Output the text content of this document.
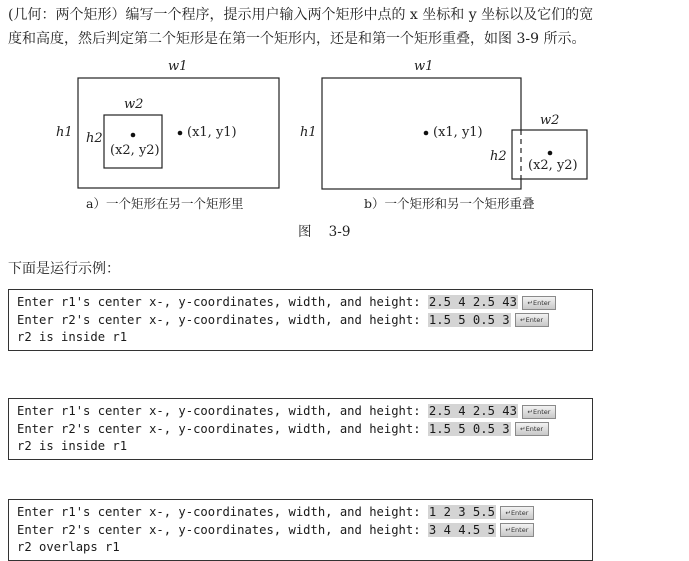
(几何：两个矩形）编写一个程序，提示用户输入两个矩形中点的 x 坐标和 y 坐标以及它们的宽
度和高度，然后判定第二个矩形是在第一个矩形内，还是和第一个矩形重叠，如图 3-9 所示。
w1
h1
w2
h2
(x2, y2)
(x1, y1)
a）一个矩形在另一个矩形里
w1
h1
w2
h2
(x1, y1)
(x2, y2)
b）一个矩形和另一个矩形重叠
图    3-9
下面是运行示例：
Enter r1's center x-, y-coordinates, width, and height: 2.5 4 2.5 43 ↵Enter
Enter r2's center x-, y-coordinates, width, and height: 1.5 5 0.5 3 ↵Enter
r2 is inside r1
Enter r1's center x-, y-coordinates, width, and height: 2.5 4 2.5 43 ↵Enter
Enter r2's center x-, y-coordinates, width, and height: 1.5 5 0.5 3 ↵Enter
r2 is inside r1
Enter r1's center x-, y-coordinates, width, and height: 1 2 3 5.5 ↵Enter
Enter r2's center x-, y-coordinates, width, and height: 3 4 4.5 5 ↵Enter
r2 overlaps r1
